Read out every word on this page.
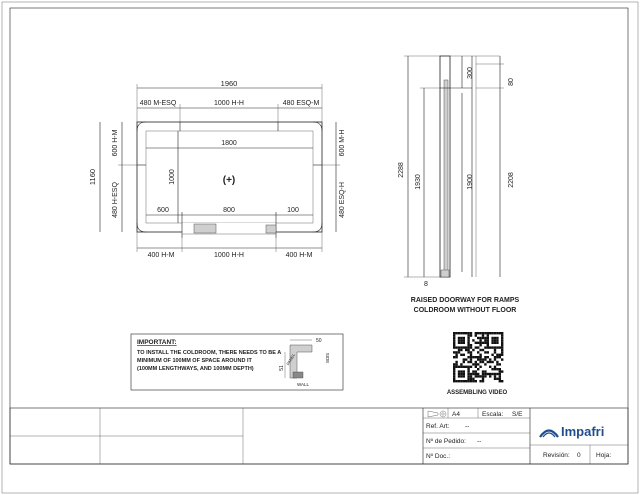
1960
480 M-ESQ	1000 H-H	480 ESQ-M
1800
1000	(+)
600	800	100
600 H-M
480 H-ESQ
1160
600 M-H
480 ESQ-H
400 H-M	1000 H-H	400 H-M
2288
1930
300
1900
80
2208
8
RAISED DOORWAY FOR RAMPS
COLDROOM WITHOUT FLOOR
IMPORTANT:
TO INSTALL THE COLDROOM, THERE NEEDS TO BE A
MINIMUM OF 100MM OF SPACE AROUND IT
(100MM LENGTHWAYS, AND 100MM DEPTH)
50
51
PANEL
WALL
SIDE
ASSEMBLING VIDEO
A4	Escala: S/E
Ref. Art: --
Nº de Pedido: --
Nº Doc.:	Revisión: 0 Hoja:
Impafri
